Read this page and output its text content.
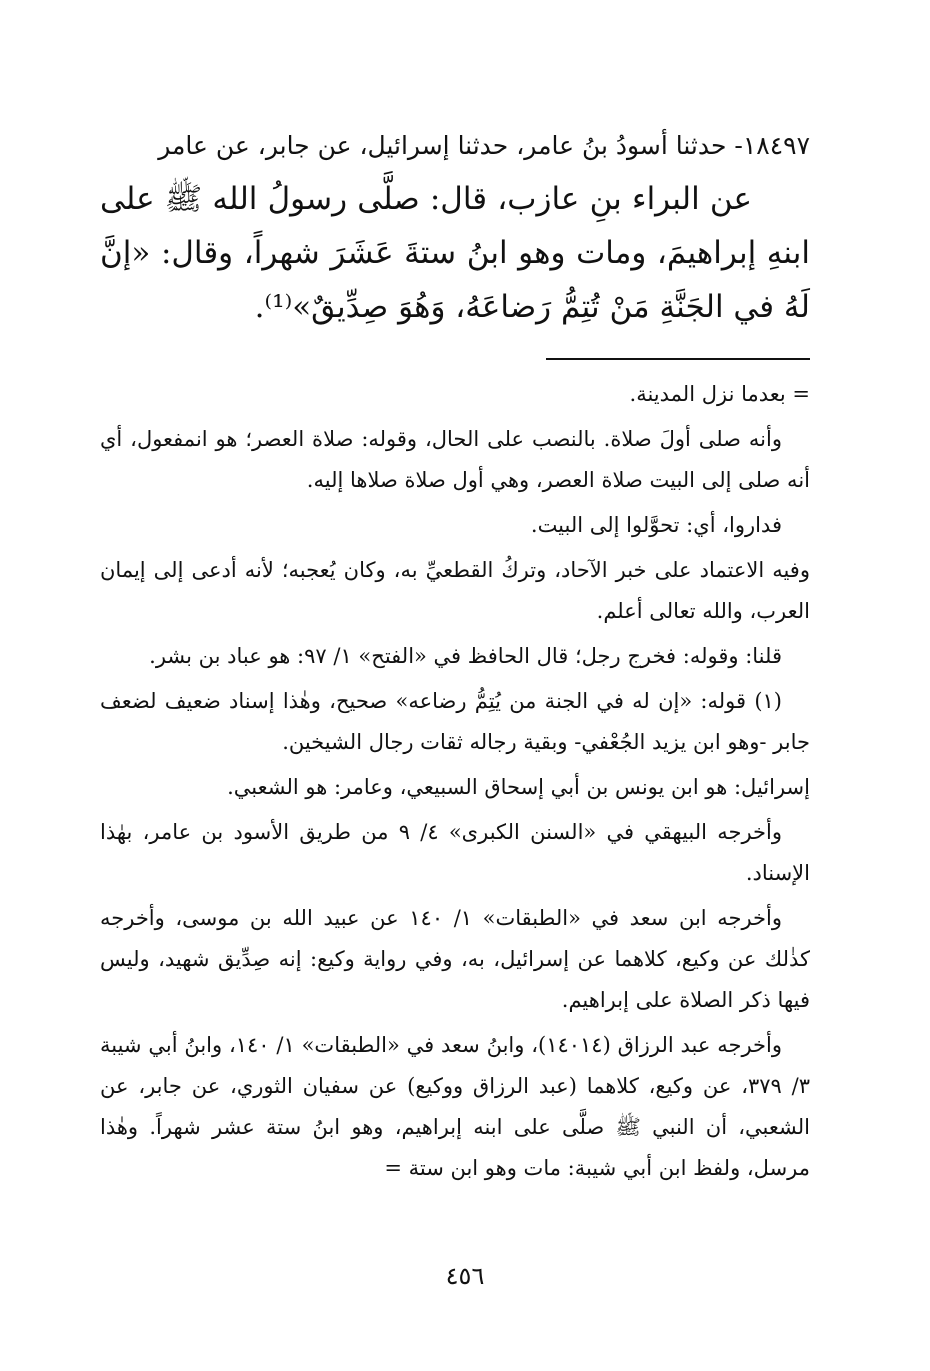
١٨٤٩٧- حدثنا أسودُ بنُ عامر، حدثنا إسرائيل، عن جابر، عن عامر

عن البراء بنِ عازب، قال: صلَّى رسولُ الله ﷺ على ابنهِ إبراهيمَ، ومات وهو ابنُ ستةَ عَشَرَ شهراً، وقال: «إنَّ لَهُ في الجَنَّةِ مَنْ تُتِمُّ رَضاعَهُ، وَهُوَ صِدِّيقٌ»⁽¹⁾.

= بعدما نزل المدينة.

وأنه صلى أولَ صلاة. بالنصب على الحال، وقوله: صلاة العصر؛ هو انمفعول، أي أنه صلى إلى البيت صلاة العصر، وهي أول صلاة صلاها إليه.

فداروا، أي: تحوَّلوا إلى البيت.

وفيه الاعتماد على خبر الآحاد، وتركُ القطعيِّ به، وكان يُعجبه؛ لأنه أدعى إلى إيمان العرب، والله تعالى أعلم.

قلنا: وقوله: فخرج رجل؛ قال الحافظ في «الفتح» ١/ ٩٧: هو عباد بن بشر.

(١) قوله: «إن له في الجنة من يُتِمُّ رضاعه» صحيح، وهٰذا إسناد ضعيف لضعف جابر -وهو ابن يزيد الجُعْفي- وبقية رجاله ثقات رجال الشيخين.

إسرائيل: هو ابن يونس بن أبي إسحاق السبيعي، وعامر: هو الشعبي.

وأخرجه البيهقي في «السنن الكبرى» ٤/ ٩ من طريق الأسود بن عامر، بهٰذا الإسناد.

وأخرجه ابن سعد في «الطبقات» ١/ ١٤٠ عن عبيد الله بن موسى، وأخرجه كذٰلك عن وكيع، كلاهما عن إسرائيل، به، وفي رواية وكيع: إنه صِدِّيق شهيد، وليس فيها ذكر الصلاة على إبراهيم.

وأخرجه عبد الرزاق (١٤٠١٤)، وابنُ سعد في «الطبقات» ١/ ١٤٠، وابنُ أبي شيبة ٣/ ٣٧٩، عن وكيع، كلاهما (عبد الرزاق ووكيع) عن سفيان الثوري، عن جابر، عن الشعبي، أن النبي ﷺ صلَّى على ابنه إبراهيم، وهو ابنُ ستة عشر شهراً. وهٰذا مرسل، ولفظ ابن أبي شيبة: مات وهو ابن ستة =

٤٥٦
